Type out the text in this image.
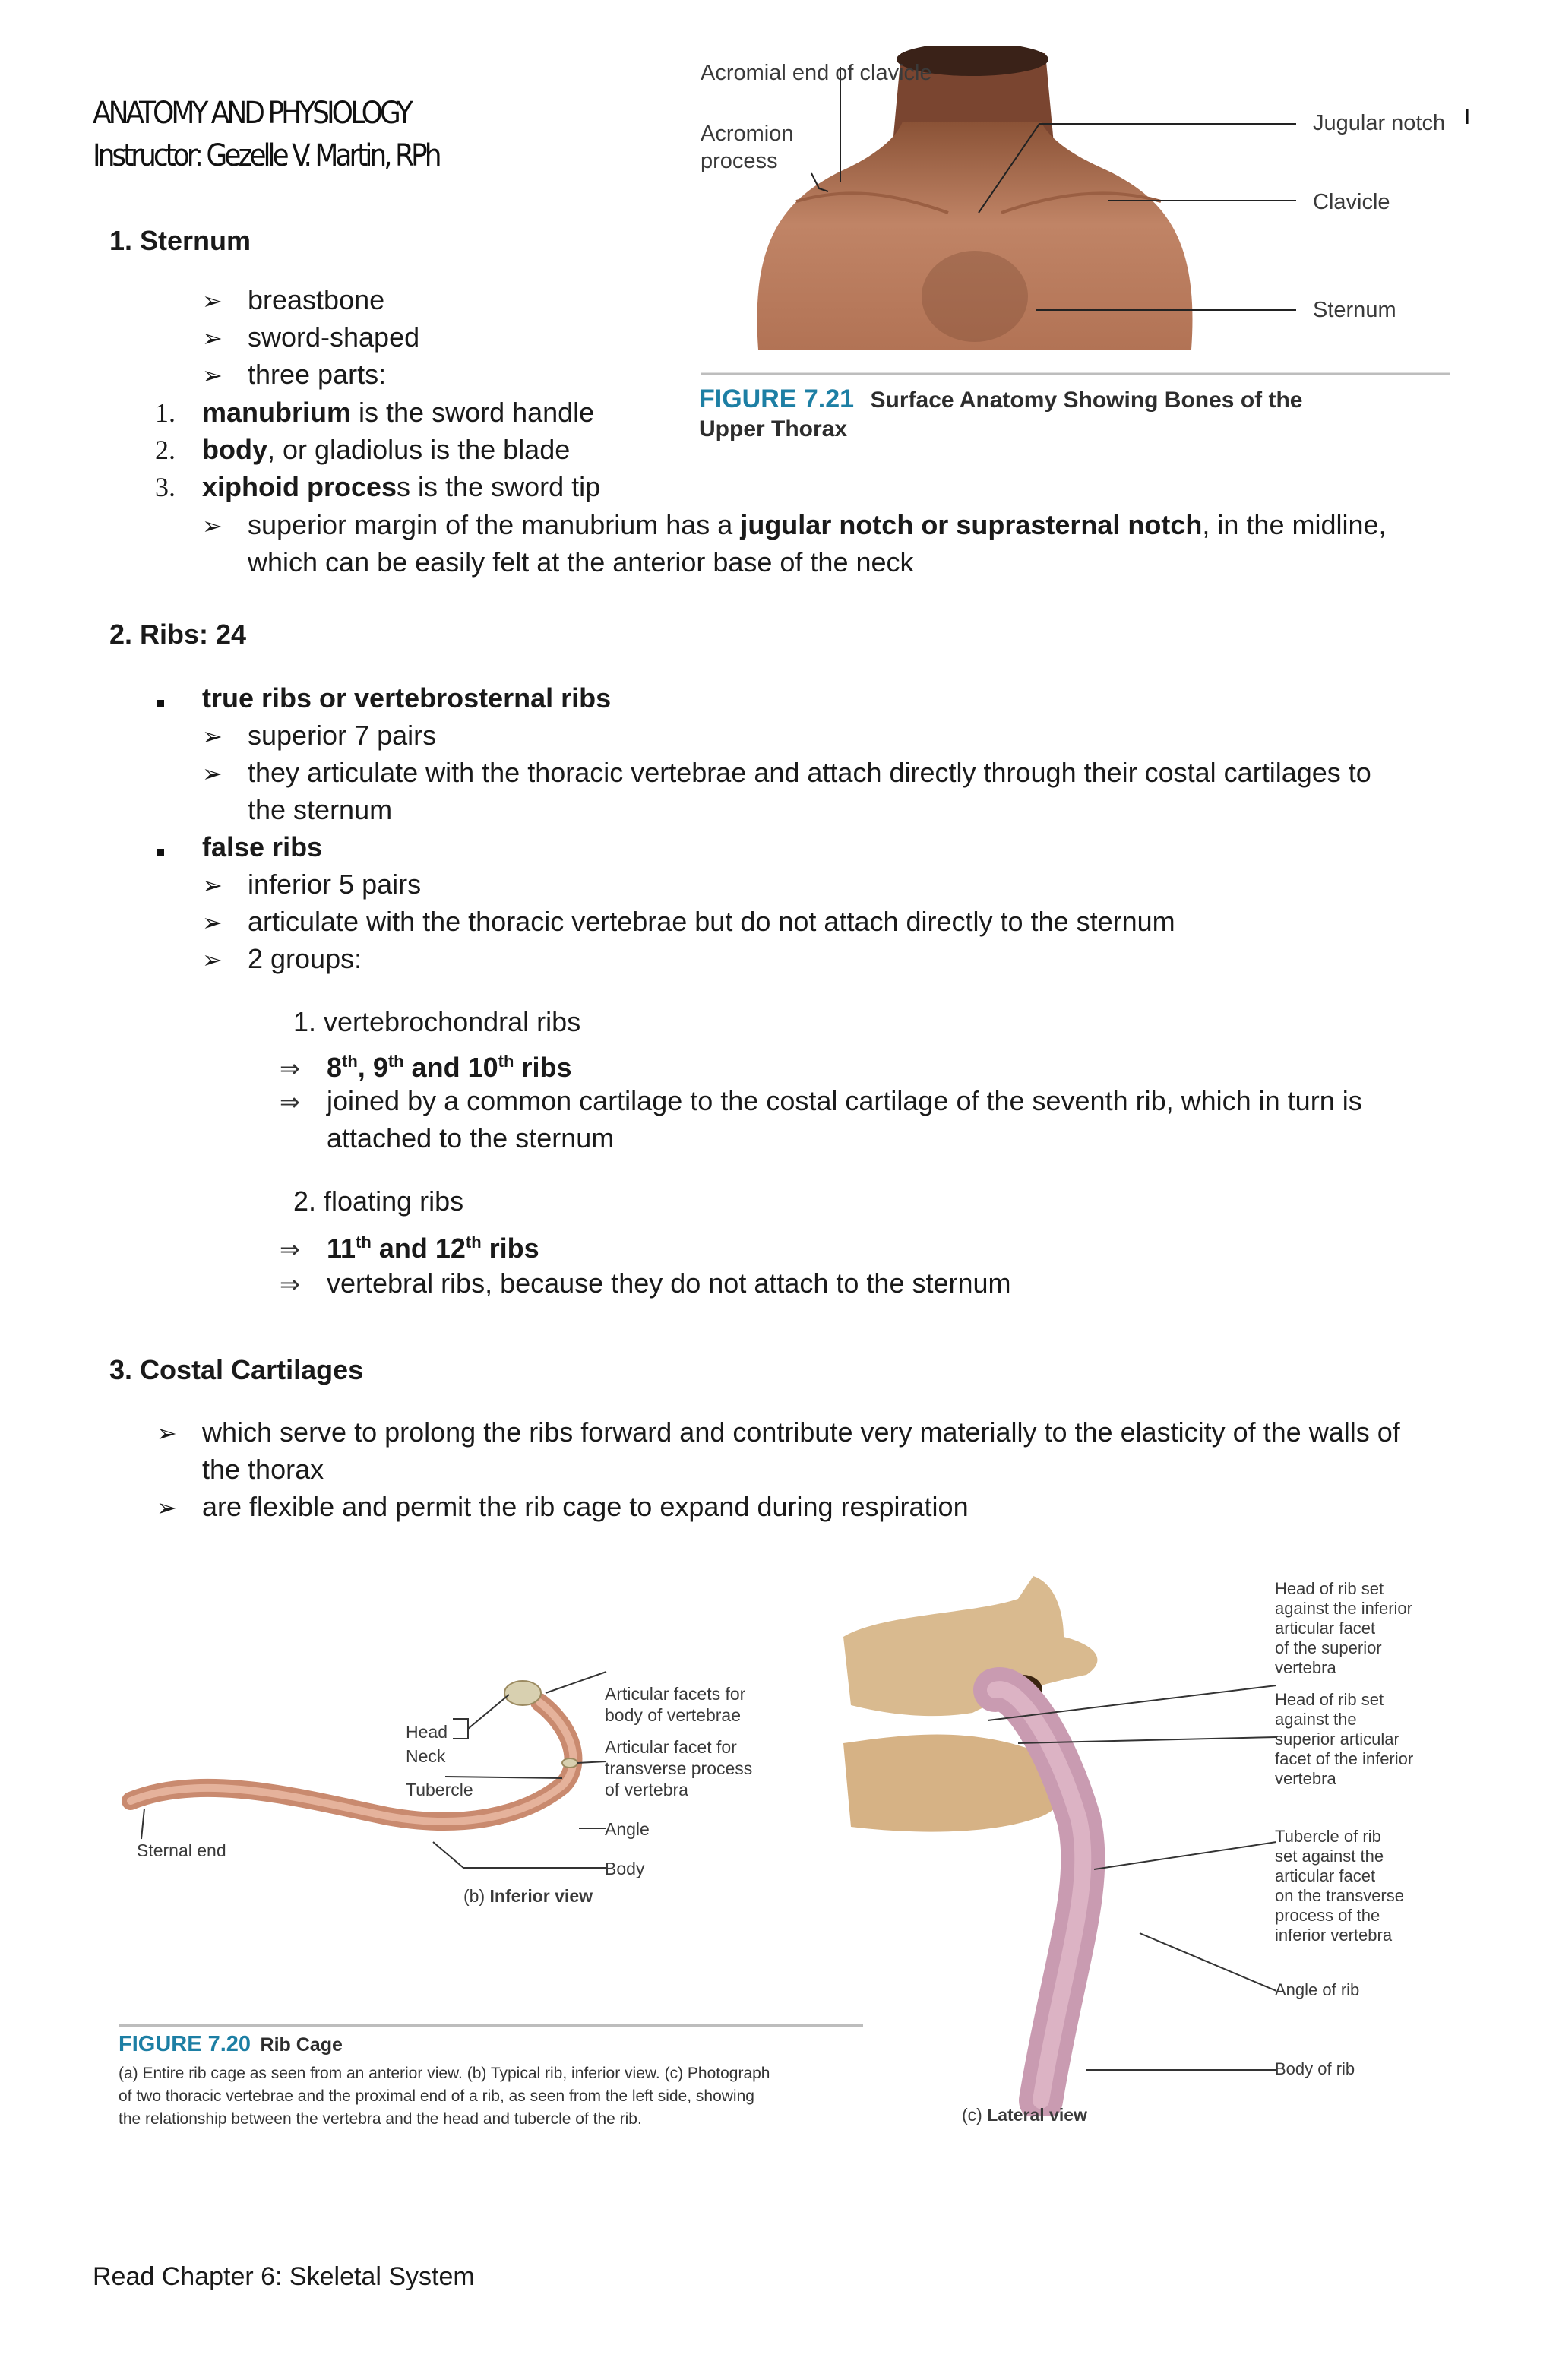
ANATOMY AND PHYSIOLOGY
Instructor: Gezelle V. Martin, RPh
ı
Acromial end of clavicle
Acromion
process
Jugular notch
Clavicle
Sternum
FIGURE 7.21 Surface Anatomy Showing Bones of the
Upper Thorax
1. Sternum
➢ breastbone
➢ sword-shaped
➢ three parts:
1. manubrium is the sword handle
2. body, or gladiolus is the blade
3. xiphoid process is the sword tip
➢ superior margin of the manubrium has a jugular notch or suprasternal notch, in the midline,
which can be easily felt at the anterior base of the neck
2. Ribs: 24
true ribs or vertebrosternal ribs
➢ superior 7 pairs
➢ they articulate with the thoracic vertebrae and attach directly through their costal cartilages to
the sternum
false ribs
➢ inferior 5 pairs
➢ articulate with the thoracic vertebrae but do not attach directly to the sternum
➢ 2 groups:
1. vertebrochondral ribs
⇒ 8th, 9th and 10th ribs
⇒ joined by a common cartilage to the costal cartilage of the seventh rib, which in turn is
attached to the sternum
2. floating ribs
⇒ 11th and 12th ribs
⇒ vertebral ribs, because they do not attach to the sternum
3. Costal Cartilages
➢ which serve to prolong the ribs forward and contribute very materially to the elasticity of the walls of
the thorax
➢ are flexible and permit the rib cage to expand during respiration
Articular facets for
body of vertebrae
Head
Neck	Articular facet for
transverse process
of vertebra
Tubercle
Angle
Sternal end
Body
(b) Inferior view
Head of rib set
against the inferior
articular facet
of the superior
vertebra
Head of rib set
against the
superior articular
facet of the inferior
vertebra
Tubercle of rib
set against the
articular facet
on the transverse
process of the
inferior vertebra
Angle of rib
Body of rib
(c) Lateral view
FIGURE 7.20 Rib Cage
(a) Entire rib cage as seen from an anterior view. (b) Typical rib, inferior view. (c) Photograph
of two thoracic vertebrae and the proximal end of a rib, as seen from the left side, showing
the relationship between the vertebra and the head and tubercle of the rib.
Read Chapter 6: Skeletal System
